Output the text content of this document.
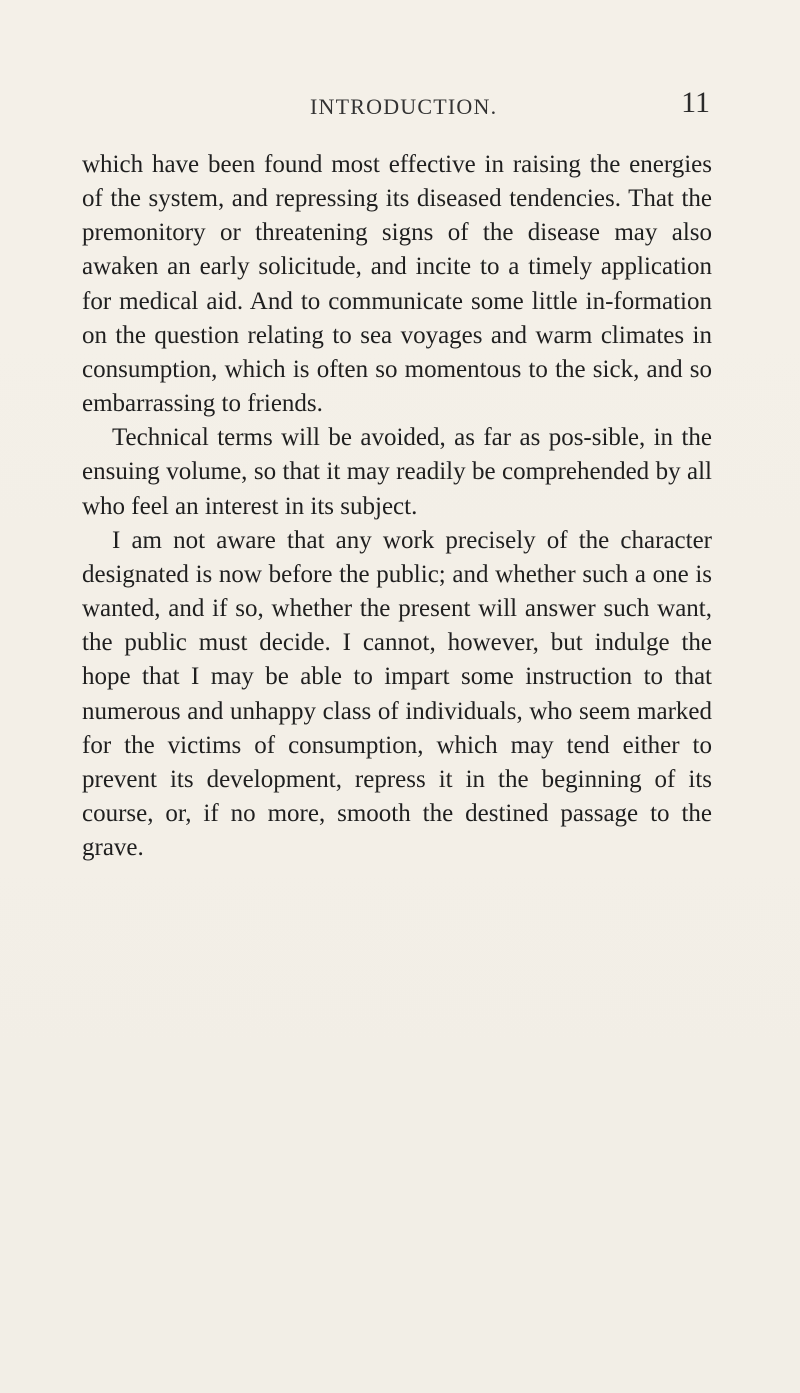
INTRODUCTION.	11

which have been found most effective in raising the energies of the system, and repressing its diseased tendencies. That the premonitory or threatening signs of the disease may also awaken an early solicitude, and incite to a timely application for medical aid. And to communicate some little in-formation on the question relating to sea voyages and warm climates in consumption, which is often so momentous to the sick, and so embarrassing to friends.

Technical terms will be avoided, as far as pos-sible, in the ensuing volume, so that it may readily be comprehended by all who feel an interest in its subject.

I am not aware that any work precisely of the character designated is now before the public; and whether such a one is wanted, and if so, whether the present will answer such want, the public must decide. I cannot, however, but indulge the hope that I may be able to impart some instruction to that numerous and unhappy class of individuals, who seem marked for the victims of consumption, which may tend either to prevent its development, repress it in the beginning of its course, or, if no more, smooth the destined passage to the grave.
